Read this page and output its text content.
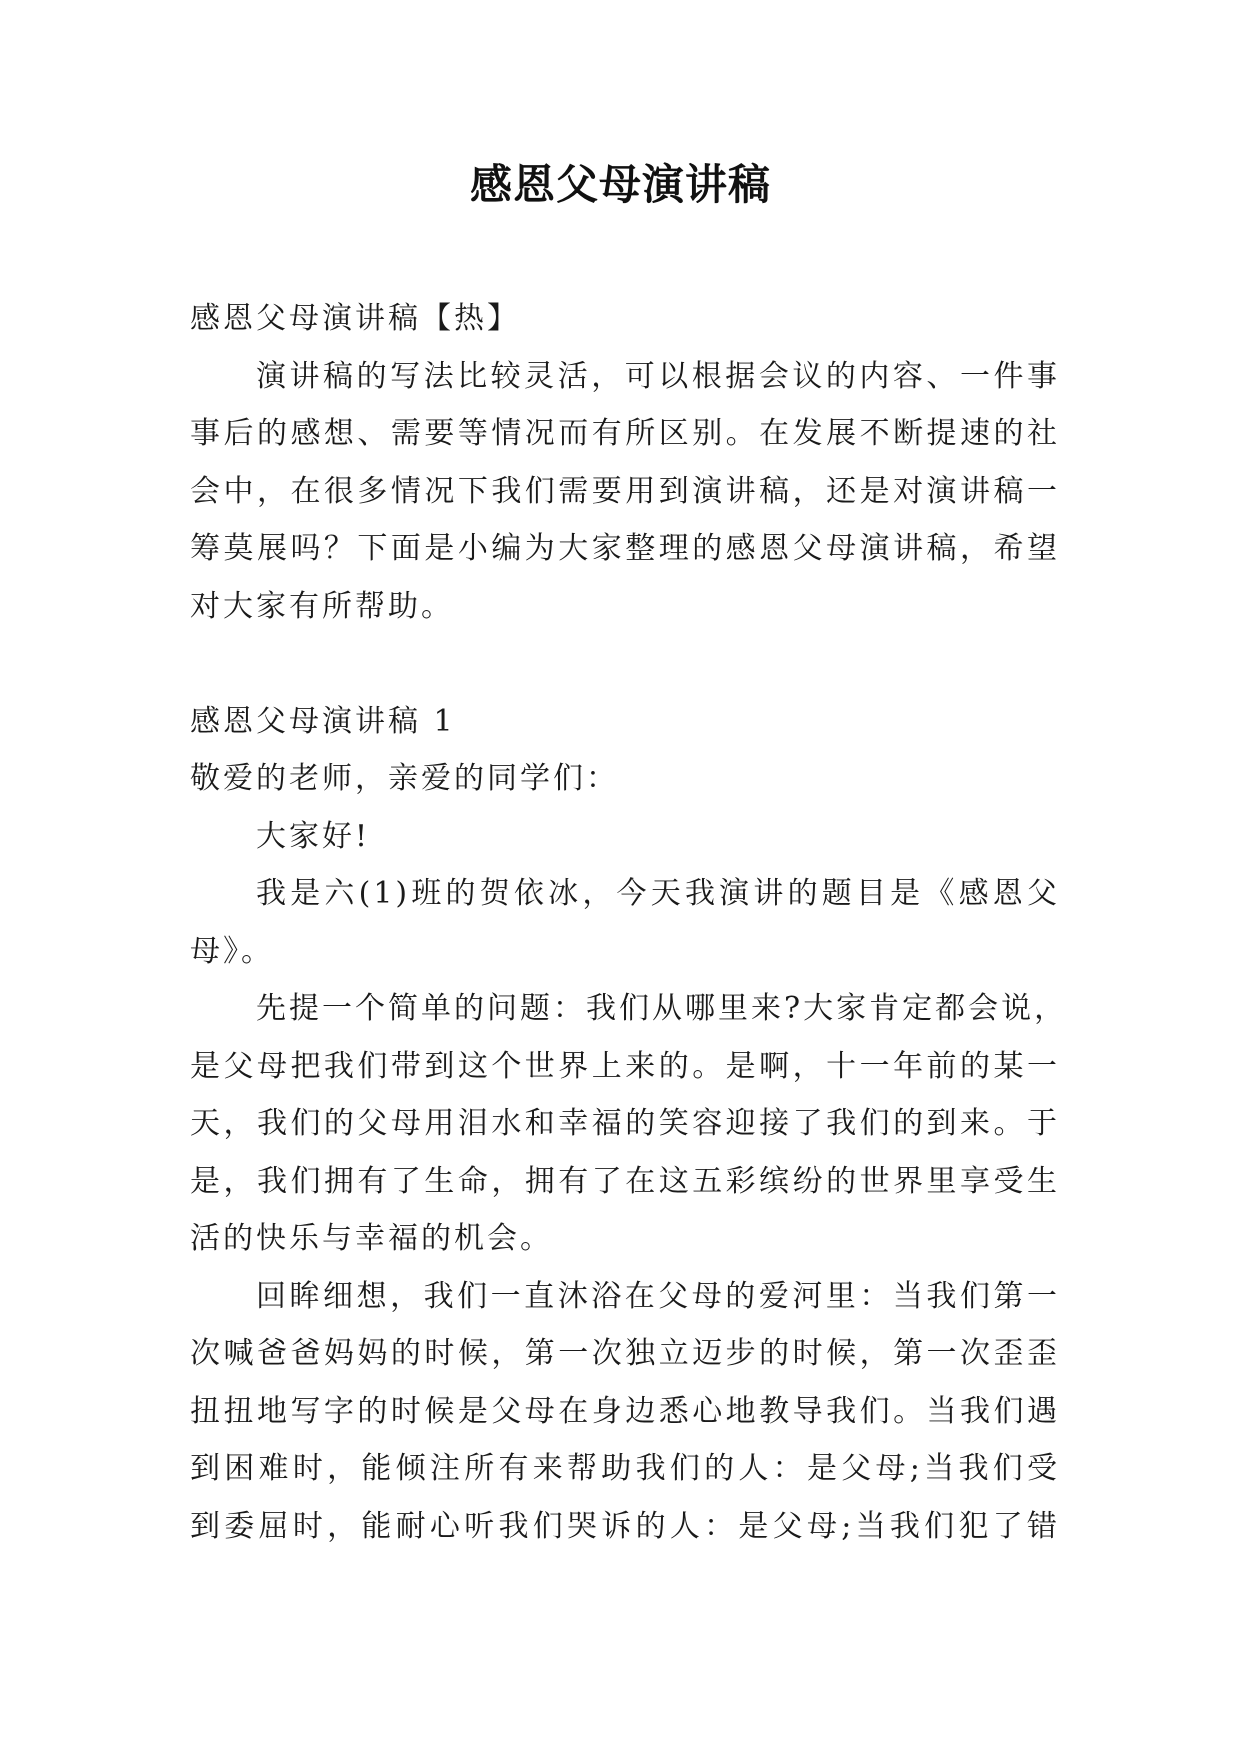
感恩父母演讲稿

感恩父母演讲稿【热】

演讲稿的写法比较灵活，可以根据会议的内容、一件事

事后的感想、需要等情况而有所区别。在发展不断提速的社

会中，在很多情况下我们需要用到演讲稿，还是对演讲稿一

筹莫展吗？下面是小编为大家整理的感恩父母演讲稿，希望

对大家有所帮助。

感恩父母演讲稿 1

敬爱的老师，亲爱的同学们：

大家好!

我是六(1)班的贺依冰，今天我演讲的题目是《感恩父

母》。

先提一个简单的问题：我们从哪里来?大家肯定都会说，

是父母把我们带到这个世界上来的。是啊，十一年前的某一

天，我们的父母用泪水和幸福的笑容迎接了我们的到来。于

是，我们拥有了生命，拥有了在这五彩缤纷的世界里享受生

活的快乐与幸福的机会。

回眸细想，我们一直沐浴在父母的爱河里：当我们第一

次喊爸爸妈妈的时候，第一次独立迈步的时候，第一次歪歪

扭扭地写字的时候是父母在身边悉心地教导我们。当我们遇

到困难时，能倾注所有来帮助我们的人：是父母;当我们受

到委屈时，能耐心听我们哭诉的人：是父母;当我们犯了错
